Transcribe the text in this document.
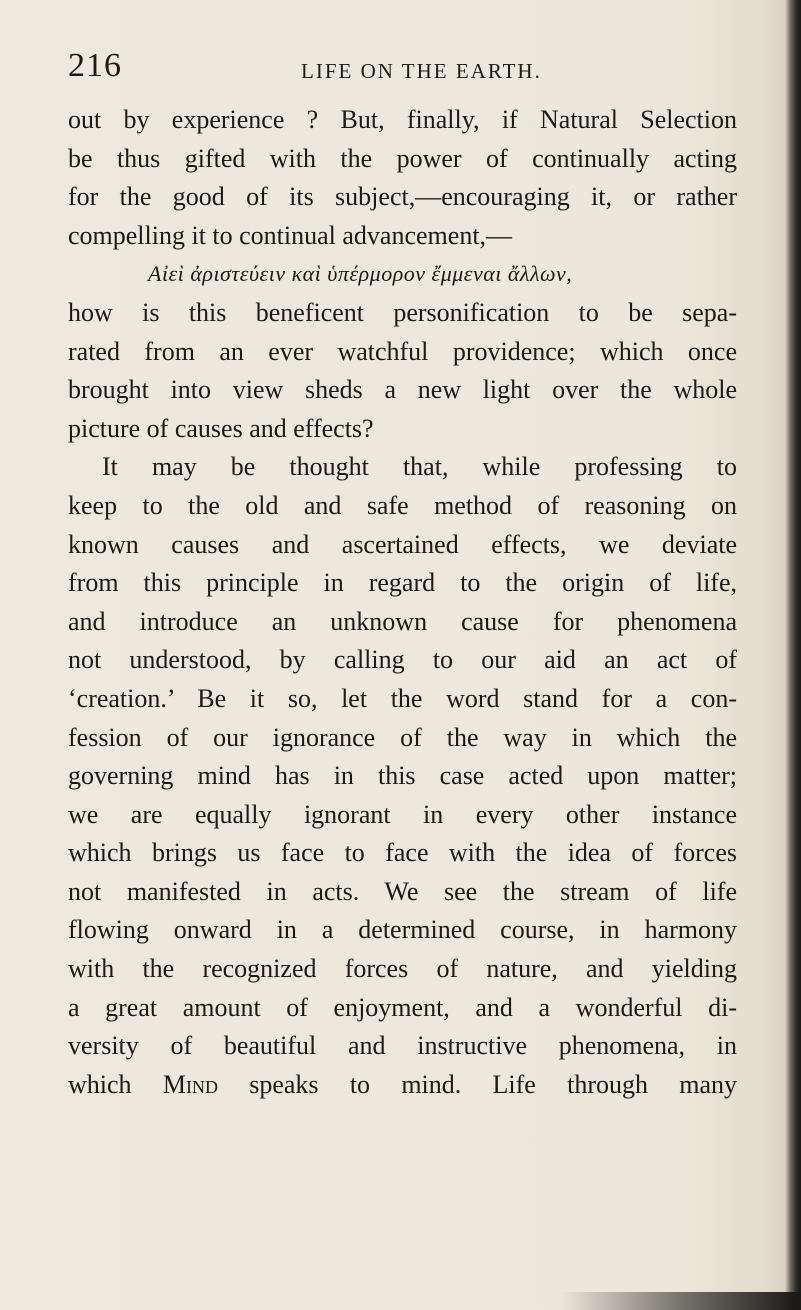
216	LIFE ON THE EARTH.
out by experience ? But, finally, if Natural Selection
be thus gifted with the power of continually acting
for the good of its subject,—encouraging it, or rather
compelling it to continual advancement,—
Αἰεὶ ἀριστεύειν καὶ ὑπέρμορον ἔμμεναι ἄλλων,
how is this beneficent personification to be sepa-
rated from an ever watchful providence; which once
brought into view sheds a new light over the whole
picture of causes and effects?
It may be thought that, while professing to
keep to the old and safe method of reasoning on
known causes and ascertained effects, we deviate
from this principle in regard to the origin of life,
and introduce an unknown cause for phenomena
not understood, by calling to our aid an act of
‘creation.’ Be it so, let the word stand for a con-
fession of our ignorance of the way in which the
governing mind has in this case acted upon matter;
we are equally ignorant in every other instance
which brings us face to face with the idea of forces
not manifested in acts. We see the stream of life
flowing onward in a determined course, in harmony
with the recognized forces of nature, and yielding
a great amount of enjoyment, and a wonderful di-
versity of beautiful and instructive phenomena, in
which Mind speaks to mind. Life through many
